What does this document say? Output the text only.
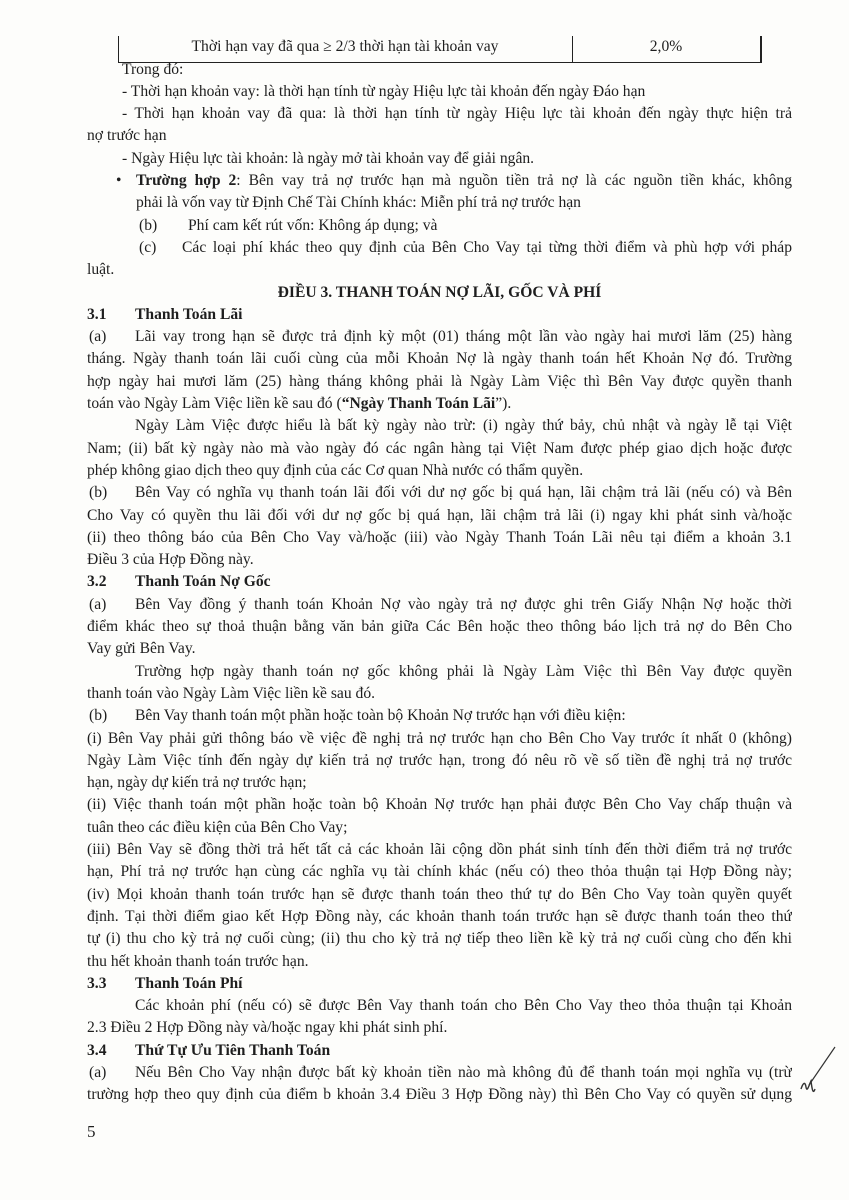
Thời hạn vay đã qua ≥ 2/3 thời hạn tài khoản vay	2,0%
Trong đó:
- Thời hạn khoản vay: là thời hạn tính từ ngày Hiệu lực tài khoản đến ngày Đáo hạn
- Thời hạn khoản vay đã qua: là thời hạn tính từ ngày Hiệu lực tài khoản đến ngày thực hiện trả
nợ trước hạn
- Ngày Hiệu lực tài khoản: là ngày mở tài khoản vay để giải ngân.
• Trường hợp 2: Bên vay trả nợ trước hạn mà nguồn tiền trả nợ là các nguồn tiền khác, không
phải là vốn vay từ Định Chế Tài Chính khác: Miễn phí trả nợ trước hạn
(b) Phí cam kết rút vốn: Không áp dụng; và
(c) Các loại phí khác theo quy định của Bên Cho Vay tại từng thời điểm và phù hợp với pháp
luật.
ĐIỀU 3. THANH TOÁN NỢ LÃI, GỐC VÀ PHÍ
3.1 Thanh Toán Lãi
(a) Lãi vay trong hạn sẽ được trả định kỳ một (01) tháng một lần vào ngày hai mươi lăm (25) hàng
tháng. Ngày thanh toán lãi cuối cùng của mỗi Khoản Nợ là ngày thanh toán hết Khoản Nợ đó. Trường
hợp ngày hai mươi lăm (25) hàng tháng không phải là Ngày Làm Việc thì Bên Vay được quyền thanh
toán vào Ngày Làm Việc liền kề sau đó (“Ngày Thanh Toán Lãi”).
Ngày Làm Việc được hiểu là bất kỳ ngày nào trừ: (i) ngày thứ bảy, chủ nhật và ngày lễ tại Việt
Nam; (ii) bất kỳ ngày nào mà vào ngày đó các ngân hàng tại Việt Nam được phép giao dịch hoặc được
phép không giao dịch theo quy định của các Cơ quan Nhà nước có thẩm quyền.
(b) Bên Vay có nghĩa vụ thanh toán lãi đối với dư nợ gốc bị quá hạn, lãi chậm trả lãi (nếu có) và Bên
Cho Vay có quyền thu lãi đối với dư nợ gốc bị quá hạn, lãi chậm trả lãi (i) ngay khi phát sinh và/hoặc
(ii) theo thông báo của Bên Cho Vay và/hoặc (iii) vào Ngày Thanh Toán Lãi nêu tại điểm a khoản 3.1
Điều 3 của Hợp Đồng này.
3.2 Thanh Toán Nợ Gốc
(a) Bên Vay đồng ý thanh toán Khoản Nợ vào ngày trả nợ được ghi trên Giấy Nhận Nợ hoặc thời
điểm khác theo sự thoả thuận bằng văn bản giữa Các Bên hoặc theo thông báo lịch trả nợ do Bên Cho
Vay gửi Bên Vay.
Trường hợp ngày thanh toán nợ gốc không phải là Ngày Làm Việc thì Bên Vay được quyền
thanh toán vào Ngày Làm Việc liền kề sau đó.
(b) Bên Vay thanh toán một phần hoặc toàn bộ Khoản Nợ trước hạn với điều kiện:
(i) Bên Vay phải gửi thông báo về việc đề nghị trả nợ trước hạn cho Bên Cho Vay trước ít nhất 0 (không)
Ngày Làm Việc tính đến ngày dự kiến trả nợ trước hạn, trong đó nêu rõ về số tiền đề nghị trả nợ trước
hạn, ngày dự kiến trả nợ trước hạn;
(ii) Việc thanh toán một phần hoặc toàn bộ Khoản Nợ trước hạn phải được Bên Cho Vay chấp thuận và
tuân theo các điều kiện của Bên Cho Vay;
(iii) Bên Vay sẽ đồng thời trả hết tất cả các khoản lãi cộng dồn phát sinh tính đến thời điểm trả nợ trước
hạn, Phí trả nợ trước hạn cùng các nghĩa vụ tài chính khác (nếu có) theo thỏa thuận tại Hợp Đồng này;
(iv) Mọi khoản thanh toán trước hạn sẽ được thanh toán theo thứ tự do Bên Cho Vay toàn quyền quyết
định. Tại thời điểm giao kết Hợp Đồng này, các khoản thanh toán trước hạn sẽ được thanh toán theo thứ
tự (i) thu cho kỳ trả nợ cuối cùng; (ii) thu cho kỳ trả nợ tiếp theo liền kề kỳ trả nợ cuối cùng cho đến khi
thu hết khoản thanh toán trước hạn.
3.3 Thanh Toán Phí
Các khoản phí (nếu có) sẽ được Bên Vay thanh toán cho Bên Cho Vay theo thỏa thuận tại Khoản
2.3 Điều 2 Hợp Đồng này và/hoặc ngay khi phát sinh phí.
3.4 Thứ Tự Ưu Tiên Thanh Toán
(a) Nếu Bên Cho Vay nhận được bất kỳ khoản tiền nào mà không đủ để thanh toán mọi nghĩa vụ (trừ
trường hợp theo quy định của điểm b khoản 3.4 Điều 3 Hợp Đồng này) thì Bên Cho Vay có quyền sử dụng
5
